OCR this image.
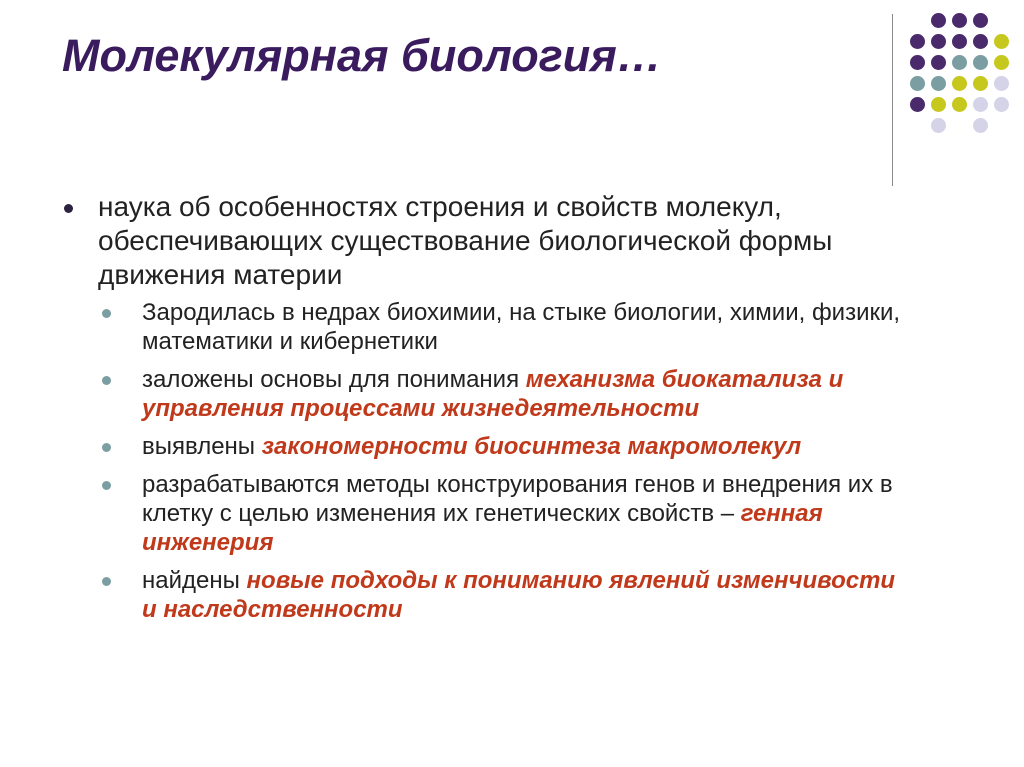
Молекулярная биология…
наука об особенностях строения и свойств молекул, обеспечивающих существование биологической формы движения материи
Зародилась в недрах биохимии, на стыке биологии, химии, физики, математики и кибернетики
заложены основы для понимания механизма биокатализа и управления процессами жизнедеятельности
выявлены закономерности биосинтеза макромолекул
разрабатываются методы конструирования генов и внедрения их в клетку с целью изменения их генетических свойств – генная инженерия
найдены новые подходы к пониманию явлений изменчивости и наследственности
